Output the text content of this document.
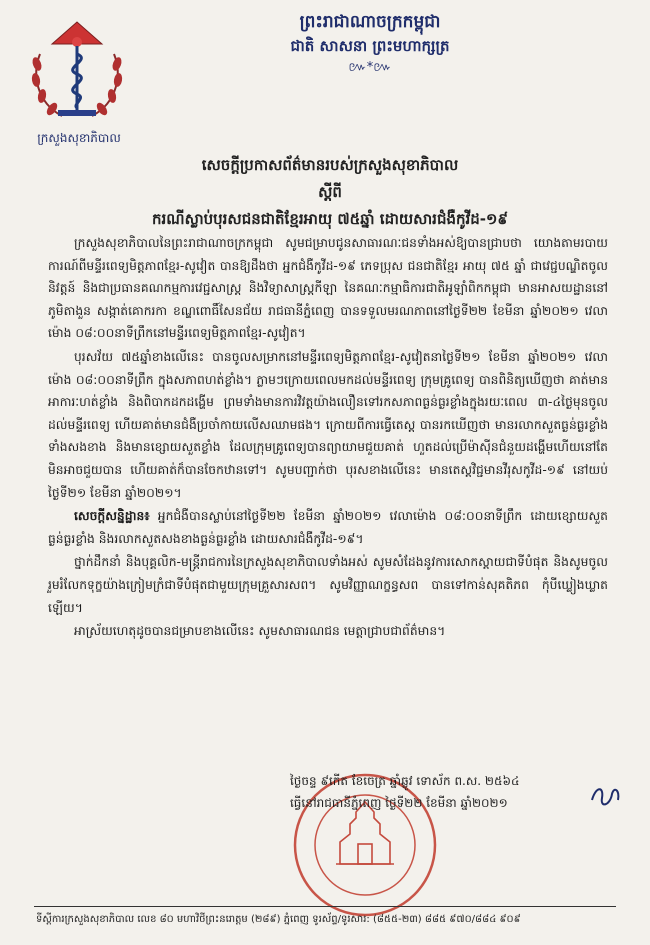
ក្រសួងសុខាភិបាល
ព្រះរាជាណាចក្រកម្ពុជា
ជាតិ សាសនា ព្រះមហាក្សត្រ
៚*៚
សេចក្តីប្រកាសព័ត៌មានរបស់ក្រសួងសុខាភិបាល
ស្តីពី
ករណីស្លាប់បុរសជនជាតិខ្មែរអាយុ ៧៥ឆ្នាំ ដោយសារជំងឺកូវីដ-១៩

ក្រសួងសុខាភិបាលនៃព្រះរាជាណាចក្រកម្ពុជា សូមជម្រាបជូនសាធារណៈជនទាំងអស់ឱ្យបានជ្រាបថា យោងតាមរបាយការណ៍ពីមន្ទីរពេទ្យមិត្តភាពខ្មែរ-សូវៀត បានឱ្យដឹងថា អ្នកជំងឺកូវីដ-១៩ ភេទប្រុស ជនជាតិខ្មែរ អាយុ ៧៥ ឆ្នាំ ជាវេជ្ជបណ្ឌិតចូលនិវត្តន៍ និងជាប្រធានគណកម្មការវេជ្ជសាស្ត្រ និងវិទ្យាសាស្ត្រកីឡា នៃគណៈកម្មាធិការជាតិអូឡាំពិកកម្ពុជា មានអាសយដ្ឋាននៅភូមិតាងួន សង្កាត់គោករកា ខណ្ឌពោធិ៍សែនជ័យ រាជធានីភ្នំពេញ បានទទួលមរណភាពនៅថ្ងៃទី២២ ខែមីនា ឆ្នាំ២០២១ វេលាម៉ោង ០៨:០០នាទីព្រឹកនៅមន្ទីរពេទ្យមិត្តភាពខ្មែរ-សូវៀត។

បុរសវ័យ ៧៥ឆ្នាំខាងលើនេះ បានចូលសម្រាកនៅមន្ទីរពេទ្យមិត្តភាពខ្មែរ-សូវៀតនាថ្ងៃទី២១ ខែមីនា ឆ្នាំ២០២១ វេលាម៉ោង ០៨:០០នាទីព្រឹក ក្នុងសភាពហត់ខ្លាំង។ ភ្លាមៗក្រោយពេលមកដល់មន្ទីរពេទ្យ ក្រុមគ្រូពេទ្យ បានពិនិត្យឃើញថា គាត់មានអាការៈហត់ខ្លាំង និងពិបាកដកដង្ហើម ព្រមទាំងមានការវិវត្តយ៉ាងលឿនទៅរកសភាពធ្ងន់ធ្ងរខ្លាំងក្នុងរយៈពេល ៣-៤ថ្ងៃមុនចូលដល់មន្ទីរពេទ្យ ហើយគាត់មានជំងឺប្រចាំកាយលើសឈាមផង។ ក្រោយពីការធ្វើតេស្ត បានរកឃើញថា មានរលាកសួតធ្ងន់ធ្ងរខ្លាំងទាំងសងខាង និងមានខ្សោយសួតខ្លាំង ដែលក្រុមគ្រូពេទ្យបានព្យាយាមជួយគាត់ ហួតដល់ប្រើម៉ាស៊ីនជំនួយដង្ហើមហើយនៅតែមិនអាចជួយបាន ហើយគាត់ក៏បានចែកឋានទៅ។ សូមបញ្ជាក់ថា បុរសខាងលើនេះ មានតេស្តវិជ្ជមានវីរុសកូវីដ-១៩ នៅយប់ថ្ងៃទី២១ ខែមីនា ឆ្នាំ២០២១។

សេចក្តីសន្និដ្ឋាន៖ អ្នកជំងឺបានស្លាប់នៅថ្ងៃទី២២ ខែមីនា ឆ្នាំ២០២១ វេលាម៉ោង ០៨:០០នាទីព្រឹក ដោយខ្សោយសួតធ្ងន់ធ្ងរខ្លាំង និងរលាកសួតសងខាងធ្ងន់ធ្ងរខ្លាំង ដោយសារជំងឺកូវីដ-១៩។

ថ្នាក់ដឹកនាំ និងបុគ្គលិក-មន្ត្រីរាជការនៃក្រសួងសុខាភិបាលទាំងអស់ សូមសំដែងនូវការសោកស្តាយជាទីបំផុត និងសូមចូលរួមរំលែកទុក្ខយ៉ាងក្រៀមក្រំជាទីបំផុតជាមួយក្រុមគ្រួសារសព។ សូមវិញ្ញាណក្ខន្ធសព បានទៅកាន់សុគតិភព កុំបីឃ្លៀងឃ្លាតឡើយ។

អាស្រ័យហេតុដូចបានជម្រាបខាងលើនេះ សូមសាធារណជន មេត្តាជ្រាបជាព័ត៌មាន។

ថ្ងៃចន្ទ ៩កើត ខែចេត្រ ឆ្នាំឆ្លូវ ទោស័ក ព.ស. ២៥៦៤
ធ្វើនៅរាជធានីភ្នំពេញ ថ្ងៃទី២២ ខែមីនា ឆ្នាំ២០២១
ទីស្តីការក្រសួងសុខាភិបាល លេខ ៨០ មហាវិថីព្រះនរោត្តម (២៨៩) ភ្នំពេញ ទូរស័ព្ទ/ទូរសារ: (៨៥៥-២៣) ៨៨៥ ៩៧០/៨៨៤ ៩០៩
